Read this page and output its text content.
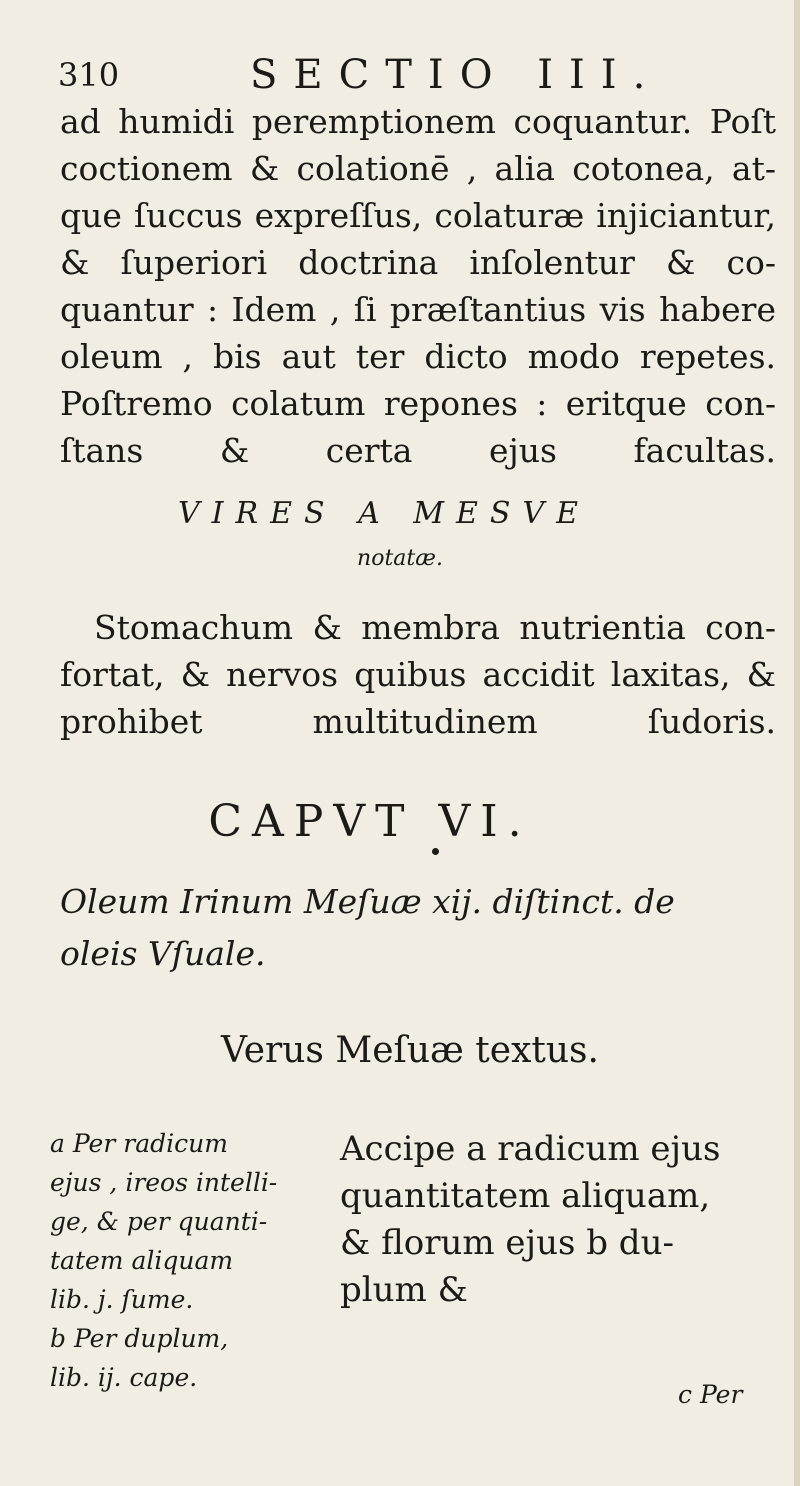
310	SECTIO III.
ad humidi peremptionem coquantur. Poſt
coctionem & colationē , alia cotonea, at-
que ſuccus expreſſus, colaturæ injiciantur,
& ſuperiori doctrina inſolentur & co-
quantur : Idem , ſi præſtantius vis habere
oleum , bis aut ter dicto modo repetes.
Poſtremo colatum repones : eritque con-
ſtans & certa ejus facultas.
VIRES A MESVE
notatæ.
Stomachum & membra nutrientia con-
fortat, & nervos quibus accidit laxitas, &
prohibet multitudinem ſudoris.
CAPVT VI.
Oleum Irinum Meſuæ xij. diſtinct. de
oleis Vſuale.
Verus Meſuæ textus.
a Per radicum
ejus , ireos intelli-
ge, & per quanti-
tatem aliquam
lib. j. ſume.
b Per duplum,
lib. ij. cape.
Accipe a radicum ejus
quantitatem aliquam,
& florum ejus b du-
plum &
c Per
